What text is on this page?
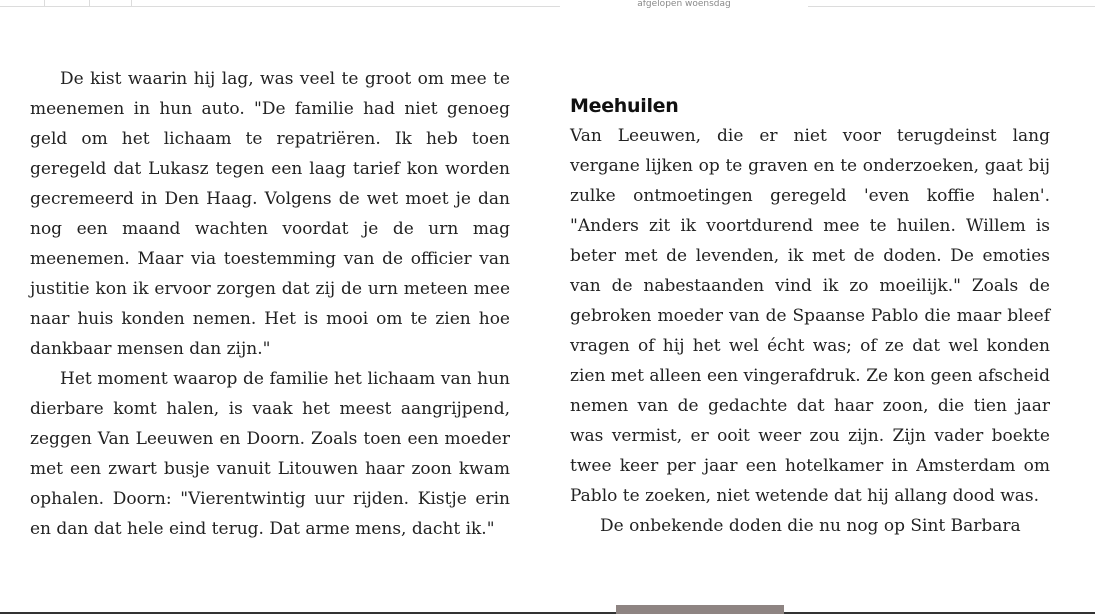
afgelopen woensdag

De kist waarin hij lag, was veel te groot om mee te meenemen in hun auto. "De familie had niet genoeg geld om het lichaam te repatriëren. Ik heb toen geregeld dat Lukasz tegen een laag tarief kon worden gecremeerd in Den Haag. Volgens de wet moet je dan nog een maand wachten voordat je de urn mag meenemen. Maar via toestemming van de officier van justitie kon ik ervoor zorgen dat zij de urn meteen mee naar huis konden nemen. Het is mooi om te zien hoe dankbaar mensen dan zijn."

Het moment waarop de familie het lichaam van hun dierbare komt halen, is vaak het meest aangrijpend, zeggen Van Leeuwen en Doorn. Zoals toen een moeder met een zwart busje vanuit Litouwen haar zoon kwam ophalen. Doorn: "Vierentwintig uur rijden. Kistje erin en dan dat hele eind terug. Dat arme mens, dacht ik."

Meehuilen

Van Leeuwen, die er niet voor terugdeinst lang vergane lijken op te graven en te onderzoeken, gaat bij zulke ontmoetingen geregeld 'even koffie halen'. "Anders zit ik voortdurend mee te huilen. Willem is beter met de levenden, ik met de doden. De emoties van de nabestaanden vind ik zo moeilijk." Zoals de gebroken moeder van de Spaanse Pablo die maar bleef vragen of hij het wel écht was; of ze dat wel konden zien met alleen een vingerafdruk. Ze kon geen afscheid nemen van de gedachte dat haar zoon, die tien jaar was vermist, er ooit weer zou zijn. Zijn vader boekte twee keer per jaar een hotelkamer in Amsterdam om Pablo te zoeken, niet wetende dat hij allang dood was.

De onbekende doden die nu nog op Sint Barbara
